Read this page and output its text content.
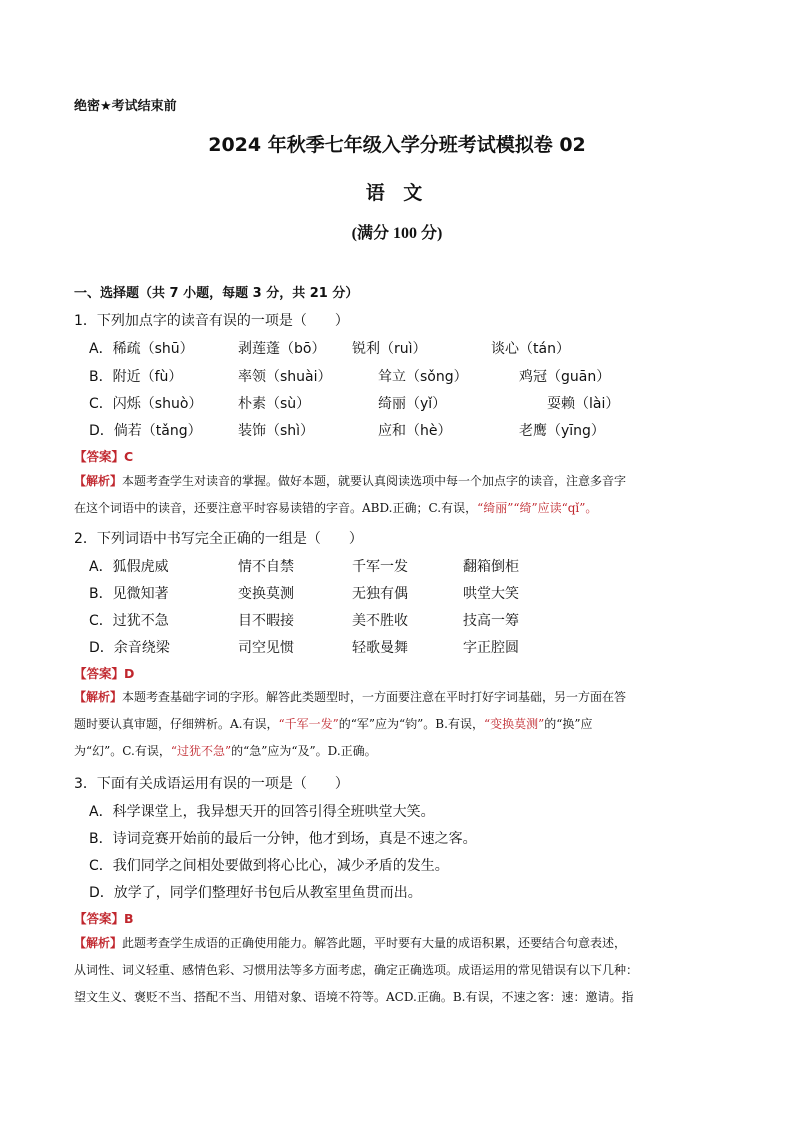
绝密★考试结束前
2024 年秋季七年级入学分班考试模拟卷 02
语 文
(满分 100 分)
一、选择题（共 7 小题，每题 3 分，共 21 分）
1．下列加点字的读音有误的一项是（　　）
A．稀疏（shū）	剥莲蓬（bō） 锐利（ruì）	谈心（tán）
B．附近（fù）	率领（shuài）	耸立（sǒng）	鸡冠（guān）
C．闪烁（shuò）	朴素（sù）	绮丽（yǐ）	耍赖（lài）
D．倘若（tǎng）	装饰（shì）	应和（hè）	老鹰（yīng）
【答案】C
【解析】本题考查学生对读音的掌握。做好本题，就要认真阅读选项中每一个加点字的读音，注意多音字
在这个词语中的读音，还要注意平时容易读错的字音。ABD.正确；C.有误，“绮丽”“绮”应读“qǐ”。
2．下列词语中书写完全正确的一组是（　　）
A．狐假虎威	情不自禁	千军一发	翻箱倒柜
B．见微知著	变换莫测	无独有偶	哄堂大笑
C．过犹不急	目不暇接	美不胜收	技高一筹
D．余音绕梁	司空见惯	轻歌曼舞	字正腔圆
【答案】D
【解析】本题考查基础字词的字形。解答此类题型时，一方面要注意在平时打好字词基础，另一方面在答
题时要认真审题，仔细辨析。A.有误，“千军一发”的“军”应为“钧”。B.有误，“变换莫测”的“换”应
为“幻”。C.有误，“过犹不急”的“急”应为“及”。D.正确。
3．下面有关成语运用有误的一项是（　　）
A．科学课堂上，我异想天开的回答引得全班哄堂大笑。
B．诗词竞赛开始前的最后一分钟，他才到场，真是不速之客。
C．我们同学之间相处要做到将心比心，减少矛盾的发生。
D．放学了，同学们整理好书包后从教室里鱼贯而出。
【答案】B
【解析】此题考查学生成语的正确使用能力。解答此题，平时要有大量的成语积累，还要结合句意表述，
从词性、词义轻重、感情色彩、习惯用法等多方面考虑，确定正确选项。成语运用的常见错误有以下几种：
望文生义、褒贬不当、搭配不当、用错对象、语境不符等。ACD.正确。B.有误，不速之客：速：邀请。指
